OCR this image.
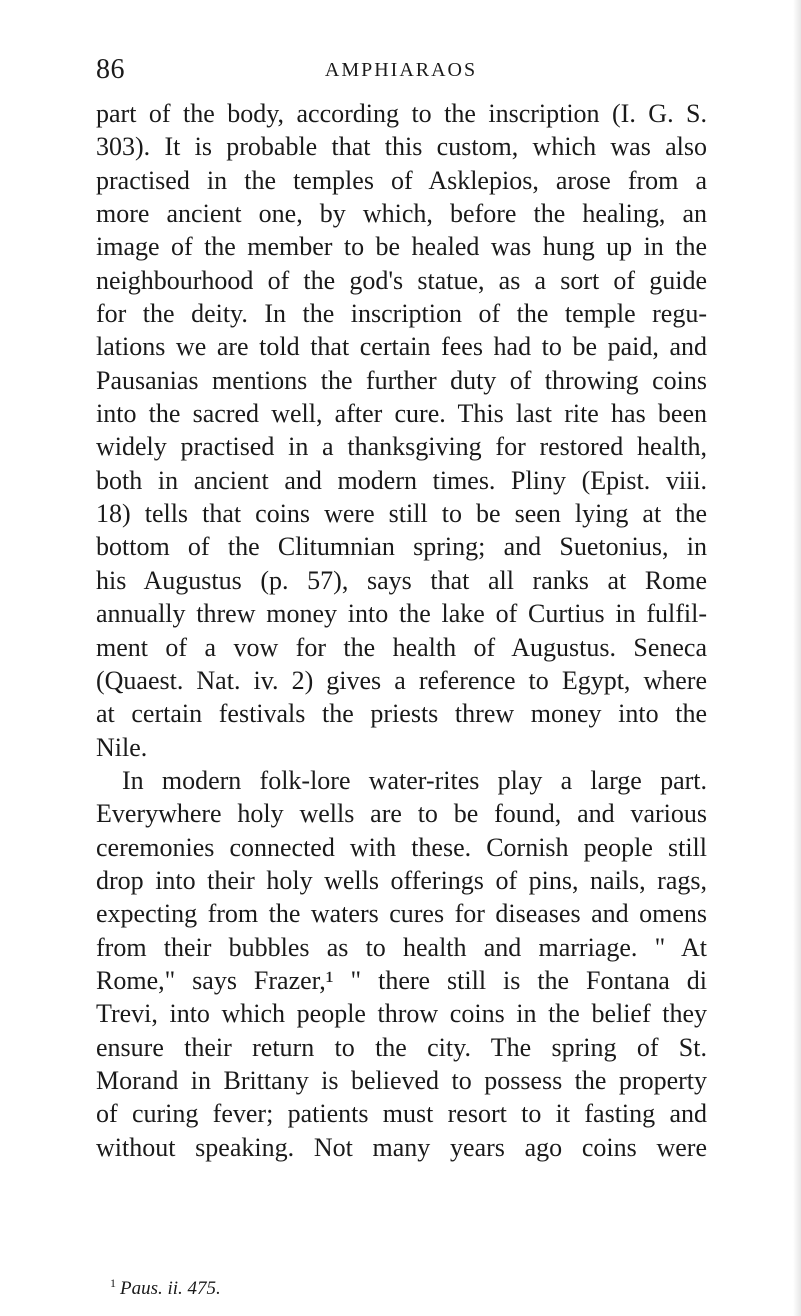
86	AMPHIARAOS
part of the body, according to the inscription (I. G. S.
303). It is probable that this custom, which was also
practised in the temples of Asklepios, arose from a
more ancient one, by which, before the healing, an
image of the member to be healed was hung up in the
neighbourhood of the god's statue, as a sort of guide
for the deity. In the inscription of the temple regu-
lations we are told that certain fees had to be paid, and
Pausanias mentions the further duty of throwing coins
into the sacred well, after cure. This last rite has been
widely practised in a thanksgiving for restored health,
both in ancient and modern times. Pliny (Epist. viii.
18) tells that coins were still to be seen lying at the
bottom of the Clitumnian spring; and Suetonius, in
his Augustus (p. 57), says that all ranks at Rome
annually threw money into the lake of Curtius in fulfil-
ment of a vow for the health of Augustus. Seneca
(Quaest. Nat. iv. 2) gives a reference to Egypt, where
at certain festivals the priests threw money into the
Nile.
In modern folk-lore water-rites play a large part.
Everywhere holy wells are to be found, and various
ceremonies connected with these. Cornish people still
drop into their holy wells offerings of pins, nails, rags,
expecting from the waters cures for diseases and omens
from their bubbles as to health and marriage. " At
Rome," says Frazer,¹ " there still is the Fontana di
Trevi, into which people throw coins in the belief they
ensure their return to the city. The spring of St.
Morand in Brittany is believed to possess the property
of curing fever; patients must resort to it fasting and
without speaking. Not many years ago coins were
$^1$ Paus. ii. 475.
